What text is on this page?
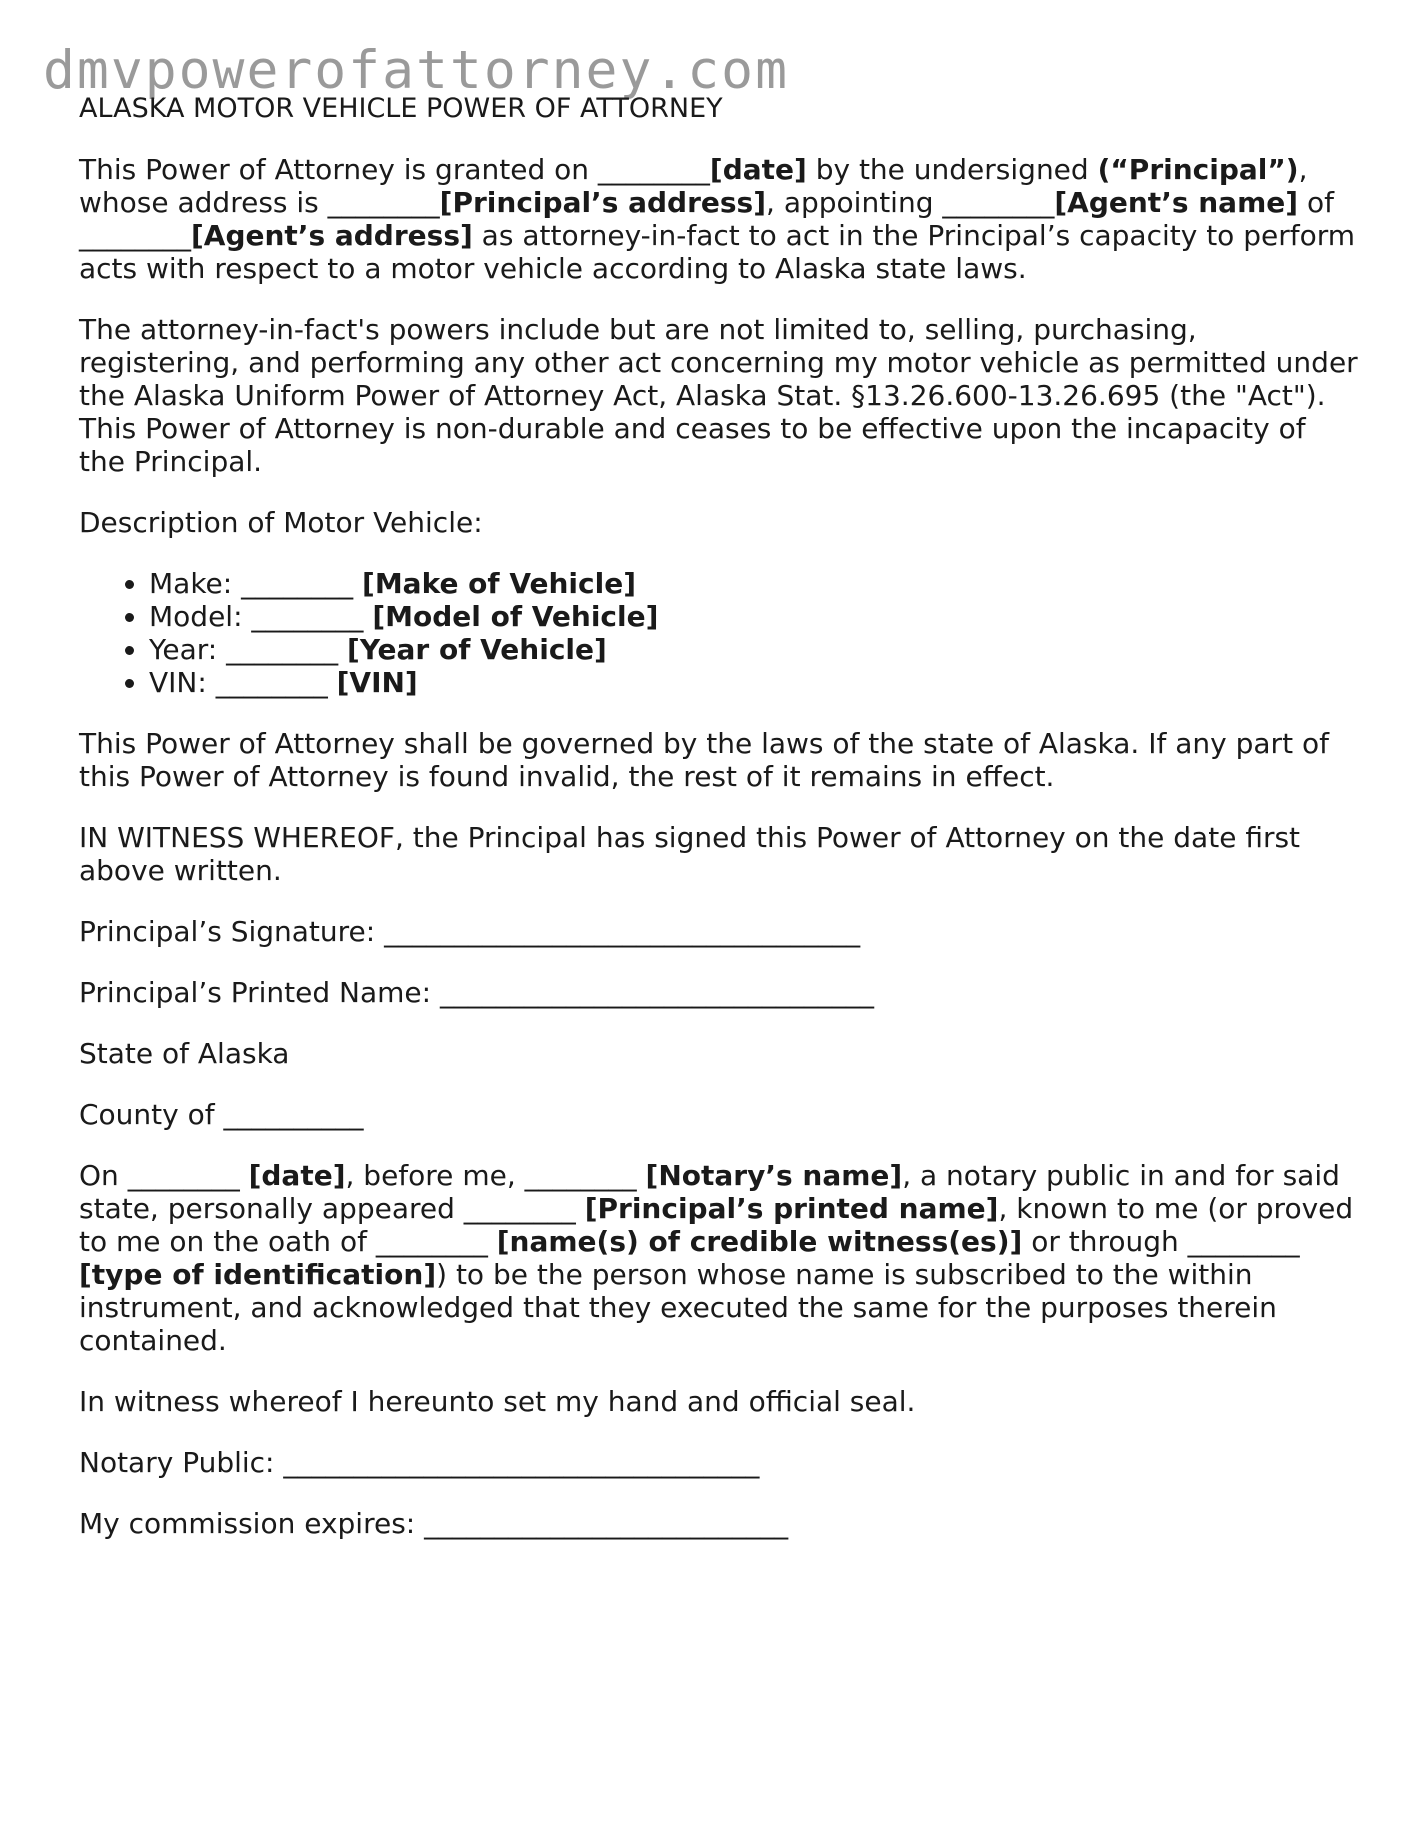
dmvpowerofattorney.com
ALASKA MOTOR VEHICLE POWER OF ATTORNEY

This Power of Attorney is granted on ________[date] by the undersigned (“Principal”), whose address is ________[Principal’s address], appointing ________[Agent’s name] of ________[Agent’s address] as attorney-in-fact to act in the Principal’s capacity to perform acts with respect to a motor vehicle according to Alaska state laws.

The attorney-in-fact's powers include but are not limited to, selling, purchasing, registering, and performing any other act concerning my motor vehicle as permitted under the Alaska Uniform Power of Attorney Act, Alaska Stat. §13.26.600-13.26.695 (the "Act"). This Power of Attorney is non-durable and ceases to be effective upon the incapacity of the Principal.

Description of Motor Vehicle:

• Make: ________ [Make of Vehicle]
• Model: ________ [Model of Vehicle]
• Year: ________ [Year of Vehicle]
• VIN: ________ [VIN]

This Power of Attorney shall be governed by the laws of the state of Alaska. If any part of this Power of Attorney is found invalid, the rest of it remains in effect.

IN WITNESS WHEREOF, the Principal has signed this Power of Attorney on the date first above written.

Principal’s Signature: __________________________________

Principal’s Printed Name: _______________________________

State of Alaska

County of __________

On ________ [date], before me, ________ [Notary’s name], a notary public in and for said state, personally appeared ________ [Principal’s printed name], known to me (or proved to me on the oath of ________ [name(s) of credible witness(es)] or through ________ [type of identification]) to be the person whose name is subscribed to the within instrument, and acknowledged that they executed the same for the purposes therein contained.

In witness whereof I hereunto set my hand and official seal.

Notary Public: __________________________________

My commission expires: __________________________
